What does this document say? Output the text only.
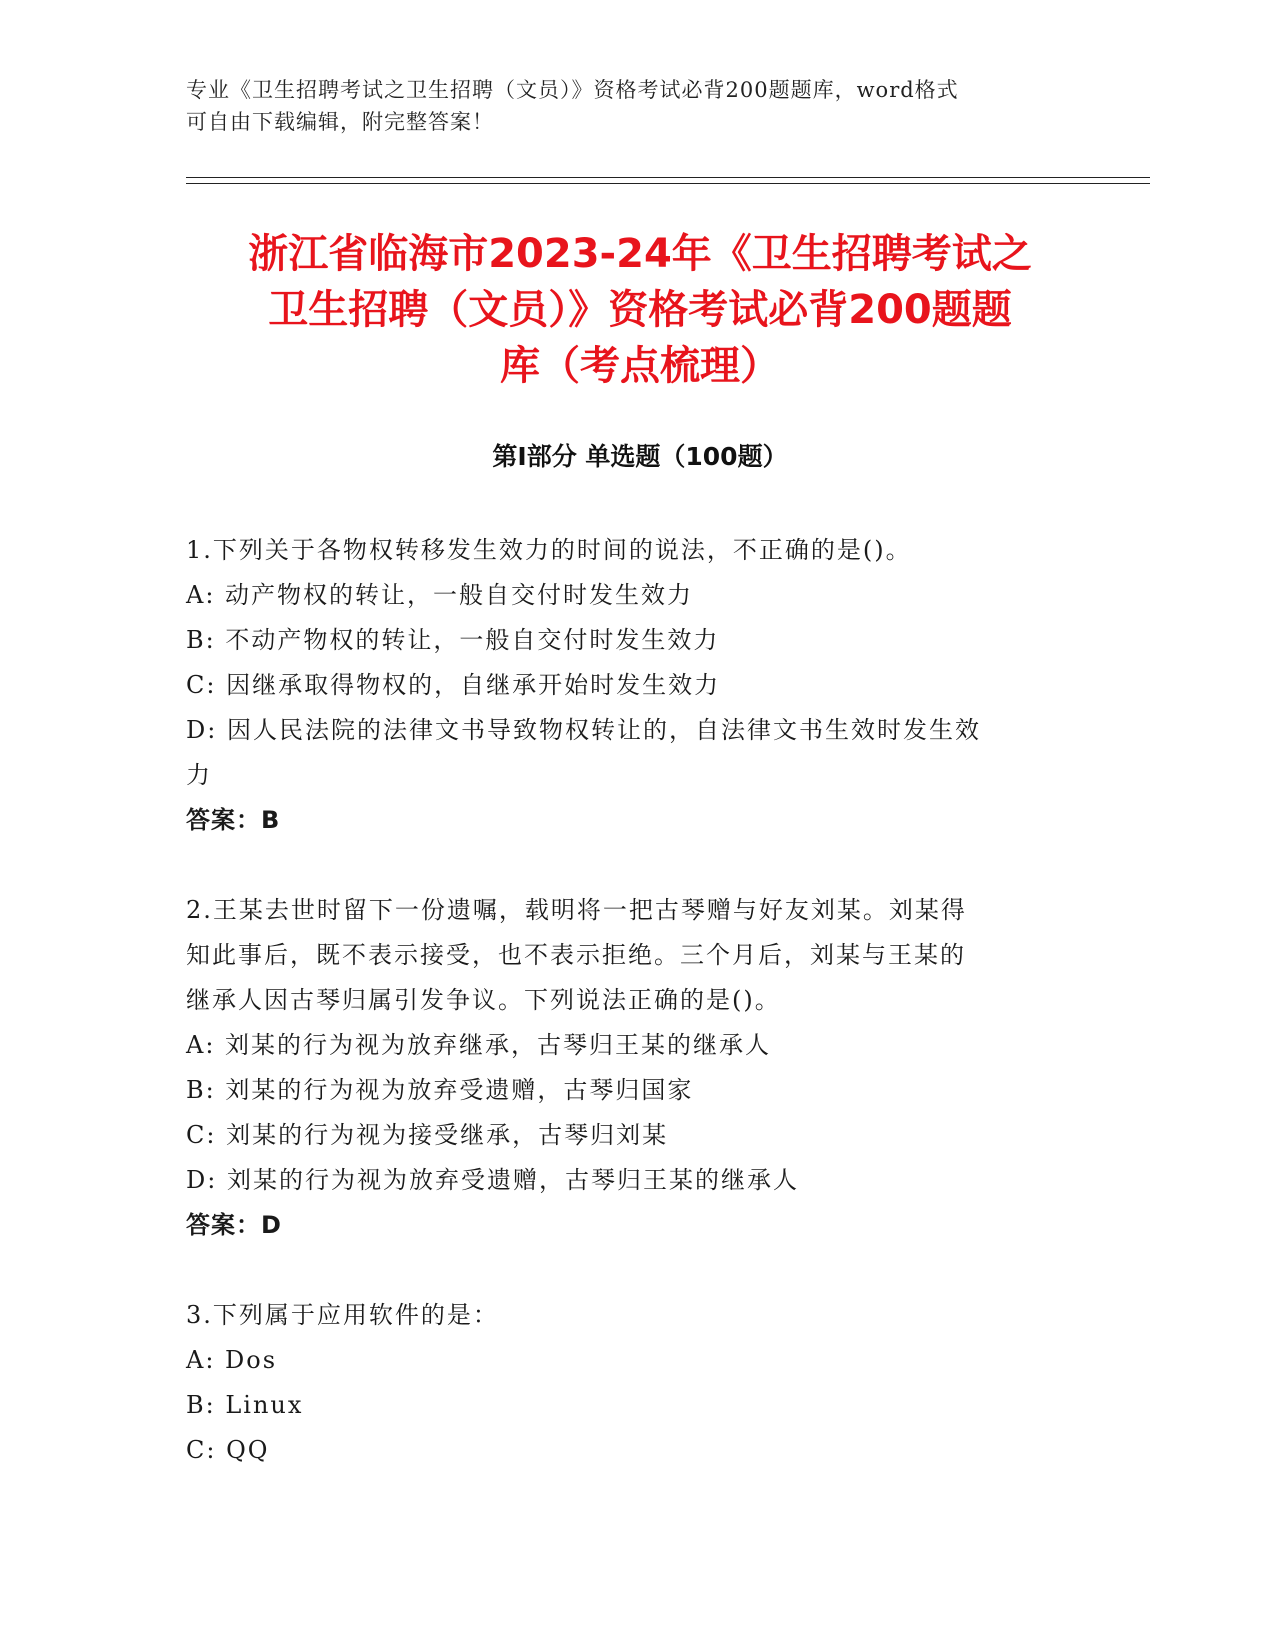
专业《卫生招聘考试之卫生招聘（文员）》资格考试必背200题题库，word格式
可自由下载编辑，附完整答案！
浙江省临海市2023-24年《卫生招聘考试之
卫生招聘（文员）》资格考试必背200题题
库（考点梳理）
第Ⅰ部分 单选题（100题）
1.下列关于各物权转移发生效力的时间的说法，不正确的是()。
A: 动产物权的转让，一般自交付时发生效力
B: 不动产物权的转让，一般自交付时发生效力
C: 因继承取得物权的，自继承开始时发生效力
D: 因人民法院的法律文书导致物权转让的，自法律文书生效时发生效
力
答案：B
2.王某去世时留下一份遗嘱，载明将一把古琴赠与好友刘某。刘某得
知此事后，既不表示接受，也不表示拒绝。三个月后，刘某与王某的
继承人因古琴归属引发争议。下列说法正确的是()。
A: 刘某的行为视为放弃继承，古琴归王某的继承人
B: 刘某的行为视为放弃受遗赠，古琴归国家
C: 刘某的行为视为接受继承，古琴归刘某
D: 刘某的行为视为放弃受遗赠，古琴归王某的继承人
答案：D
3.下列属于应用软件的是：
A: Dos
B: Linux
C: QQ
